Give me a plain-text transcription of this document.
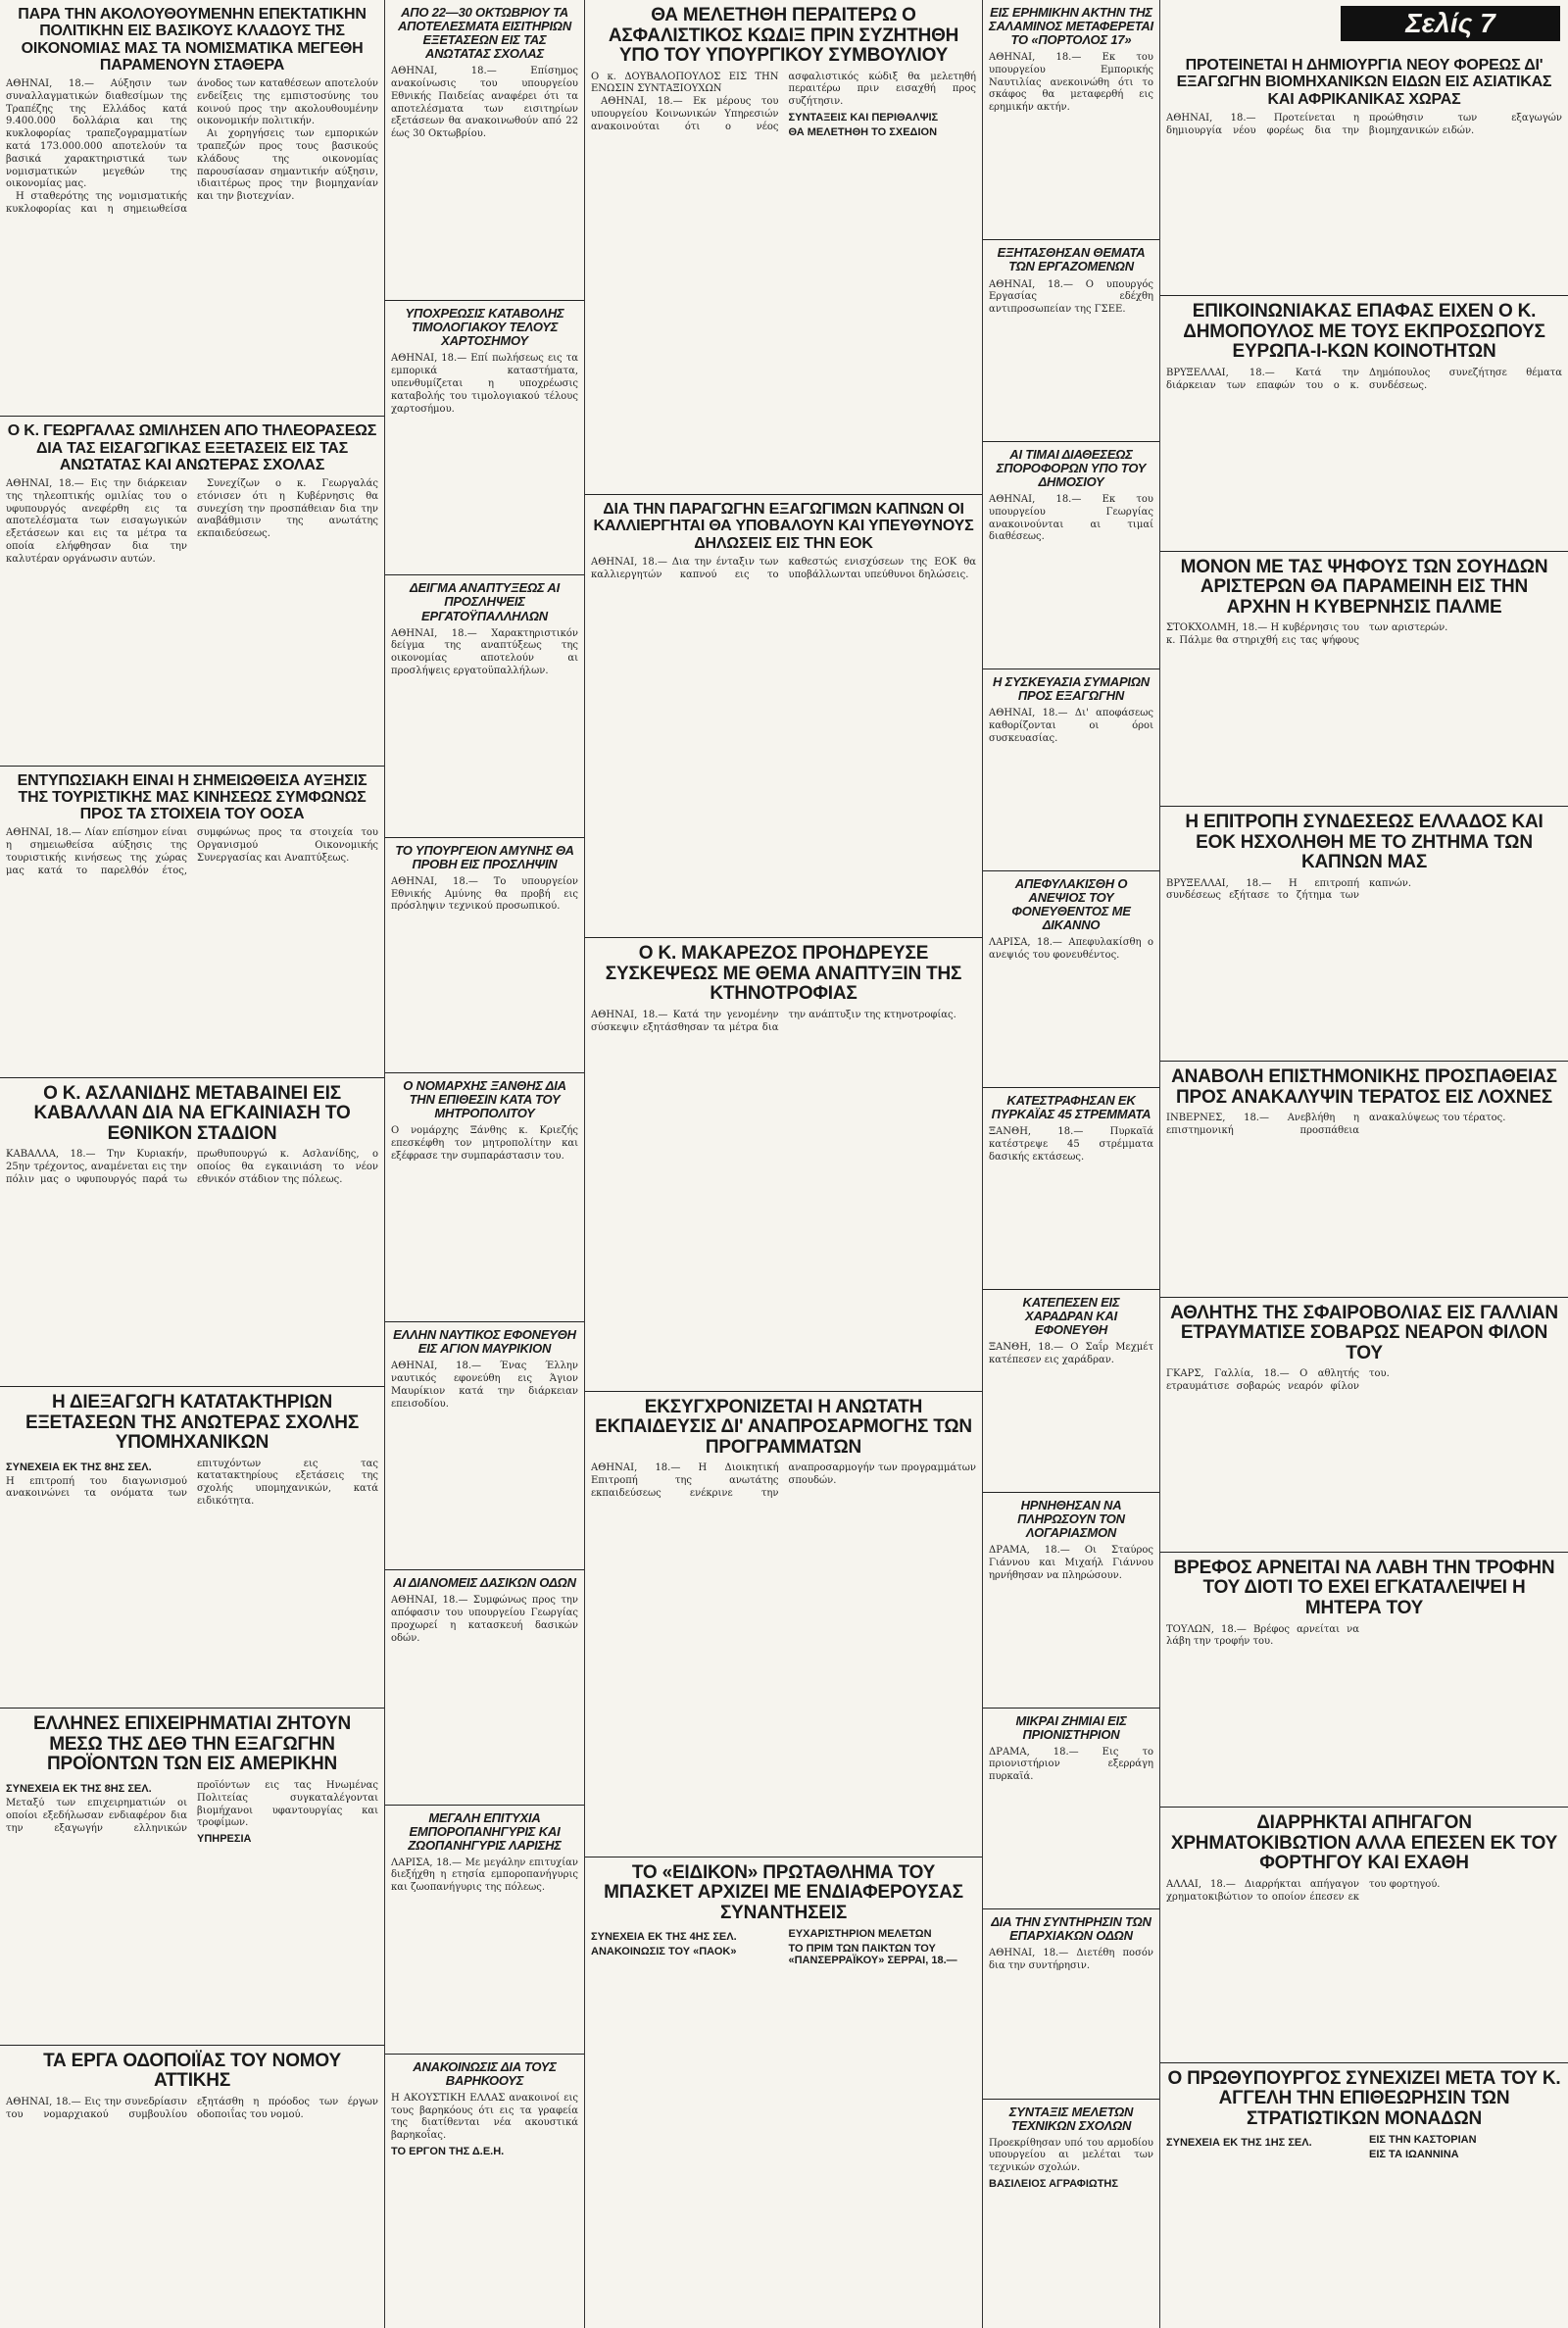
Σελίς 7
ΠΑΡΑ ΤΗΝ ΑΚΟΛΟΥΘΟΥΜΕΝΗΝ ΕΠΕΚΤΑΤΙΚΗΝ ΠΟΛΙΤΙΚΗΝ ΕΙΣ ΒΑΣΙΚΟΥΣ ΚΛΑΔΟΥΣ ΤΗΣ ΟΙΚΟΝΟΜΙΑΣ ΜΑΣ ΤΑ ΝΟΜΙΣΜΑΤΙΚΑ ΜΕΓΕΘΗ ΠΑΡΑΜΕΝΟΥΝ ΣΤΑΘΕΡΑ

ΑΘΗΝΑΙ, 18.— Αύξησιν των συναλλαγματικών διαθεσίμων της Τραπέζης της Ελλάδος κατά 9.400.000 δολλάρια και της κυκλοφορίας τραπεζογραμματίων κατά 173.000.000 αποτελούν τα βασικά χαρακτηριστικά των νομισματικών μεγεθών της οικονομίας μας.

Η σταθερότης της νομισματικής κυκλοφορίας και η σημειωθείσα άνοδος των καταθέσεων αποτελούν ενδείξεις της εμπιστοσύνης του κοινού προς την ακολουθουμένην οικονομικήν πολιτικήν.

Αι χορηγήσεις των εμπορικών τραπεζών προς τους βασικούς κλάδους της οικονομίας παρουσίασαν σημαντικήν αύξησιν, ιδιαιτέρως προς την βιομηχανίαν και την βιοτεχνίαν.

Ο Κ. ΓΕΩΡΓΑΛΑΣ ΩΜΙΛΗΣΕΝ ΑΠΟ ΤΗΛΕΟΡΑΣΕΩΣ ΔΙΑ ΤΑΣ ΕΙΣΑΓΩΓΙΚΑΣ ΕΞΕΤΑΣΕΙΣ ΕΙΣ ΤΑΣ ΑΝΩΤΑΤΑΣ ΚΑΙ ΑΝΩΤΕΡΑΣ ΣΧΟΛΑΣ

ΑΘΗΝΑΙ, 18.— Εις την διάρκειαν της τηλεοπτικής ομιλίας του ο υφυπουργός ανεφέρθη εις τα αποτελέσματα των εισαγωγικών εξετάσεων και εις τα μέτρα τα οποία ελήφθησαν δια την καλυτέραν οργάνωσιν αυτών.

Συνεχίζων ο κ. Γεωργαλάς ετόνισεν ότι η Κυβέρνησις θα συνεχίση την προσπάθειαν δια την αναβάθμισιν της ανωτάτης εκπαιδεύσεως.

ΕΝΤΥΠΩΣΙΑΚΗ ΕΙΝΑΙ Η ΣΗΜΕΙΩΘΕΙΣΑ ΑΥΞΗΣΙΣ ΤΗΣ ΤΟΥΡΙΣΤΙΚΗΣ ΜΑΣ ΚΙΝΗΣΕΩΣ ΣΥΜΦΩΝΩΣ ΠΡΟΣ ΤΑ ΣΤΟΙΧΕΙΑ ΤΟΥ ΟΟΣΑ

ΑΘΗΝΑΙ, 18.— Λίαν επίσημον είναι η σημειωθείσα αύξησις της τουριστικής κινήσεως της χώρας μας κατά το παρελθόν έτος, συμφώνως προς τα στοιχεία του Οργανισμού Οικονομικής Συνεργασίας και Αναπτύξεως.

Ο Κ. ΑΣΛΑΝΙΔΗΣ ΜΕΤΑΒΑΙΝΕΙ ΕΙΣ ΚΑΒΑΛΛΑΝ ΔΙΑ ΝΑ ΕΓΚΑΙΝΙΑΣΗ ΤΟ ΕΘΝΙΚΟΝ ΣΤΑΔΙΟΝ

ΚΑΒΑΛΛΑ, 18.— Την Κυριακήν, 25ην τρέχοντος, αναμένεται εις την πόλιν μας ο υφυπουργός παρά τω πρωθυπουργώ κ. Ασλανίδης, ο οποίος θα εγκαινιάση το νέον εθνικόν στάδιον της πόλεως.

Η ΔΙΕΞΑΓΩΓΗ ΚΑΤΑΤΑΚΤΗΡΙΩΝ ΕΞΕΤΑΣΕΩΝ ΤΗΣ ΑΝΩΤΕΡΑΣ ΣΧΟΛΗΣ ΥΠΟΜΗΧΑΝΙΚΩΝ
ΣΥΝΕΧΕΙΑ ΕΚ ΤΗΣ 8ΗΣ ΣΕΛ.

Η επιτροπή του διαγωνισμού ανακοινώνει τα ονόματα των επιτυχόντων εις τας κατατακτηρίους εξετάσεις της σχολής υπομηχανικών, κατά ειδικότητα.

ΕΛΛΗΝΕΣ ΕΠΙΧΕΙΡΗΜΑΤΙΑΙ ΖΗΤΟΥΝ ΜΕΣΩ ΤΗΣ ΔΕΘ ΤΗΝ ΕΞΑΓΩΓΗΝ ΠΡΟΪΟΝΤΩΝ ΤΩΝ ΕΙΣ ΑΜΕΡΙΚΗΝ
ΣΥΝΕΧΕΙΑ ΕΚ ΤΗΣ 8ΗΣ ΣΕΛ.

Μεταξύ των επιχειρηματιών οι οποίοι εξεδήλωσαν ενδιαφέρον δια την εξαγωγήν ελληνικών προϊόντων εις τας Ηνωμένας Πολιτείας συγκαταλέγονται βιομήχανοι υφαντουργίας και τροφίμων.

ΥΠΗΡΕΣΙΑ
ΤΑ ΕΡΓΑ ΟΔΟΠΟΙΪΑΣ ΤΟΥ ΝΟΜΟΥ ΑΤΤΙΚΗΣ

ΑΘΗΝΑΙ, 18.— Εις την συνεδρίασιν του νομαρχιακού συμβουλίου εξητάσθη η πρόοδος των έργων οδοποιΐας του νομού.

ΑΠΟ 22—30 ΟΚΤΩΒΡΙΟΥ ΤΑ ΑΠΟΤΕΛΕΣΜΑΤΑ ΕΙΣΙΤΗΡΙΩΝ ΕΞΕΤΑΣΕΩΝ ΕΙΣ ΤΑΣ ΑΝΩΤΑΤΑΣ ΣΧΟΛΑΣ

ΑΘΗΝΑΙ, 18.— Επίσημος ανακοίνωσις του υπουργείου Εθνικής Παιδείας αναφέρει ότι τα αποτελέσματα των εισιτηρίων εξετάσεων θα ανακοινωθούν από 22 έως 30 Οκτωβρίου.

ΥΠΟΧΡΕΩΣΙΣ ΚΑΤΑΒΟΛΗΣ ΤΙΜΟΛΟΓΙΑΚΟΥ ΤΕΛΟΥΣ ΧΑΡΤΟΣΗΜΟΥ

ΑΘΗΝΑΙ, 18.— Επί πωλήσεως εις τα εμπορικά καταστήματα, υπενθυμίζεται η υποχρέωσις καταβολής του τιμολογιακού τέλους χαρτοσήμου.

ΔΕΙΓΜΑ ΑΝΑΠΤΥΞΕΩΣ ΑΙ ΠΡΟΣΛΗΨΕΙΣ ΕΡΓΑΤΟΫΠΑΛΛΗΛΩΝ

ΑΘΗΝΑΙ, 18.— Χαρακτηριστικόν δείγμα της αναπτύξεως της οικονομίας αποτελούν αι προσλήψεις εργατοϋπαλλήλων.

ΤΟ ΥΠΟΥΡΓΕΙΟΝ ΑΜΥΝΗΣ ΘΑ ΠΡΟΒΗ ΕΙΣ ΠΡΟΣΛΗΨΙΝ

ΑΘΗΝΑΙ, 18.— Το υπουργείον Εθνικής Αμύνης θα προβή εις πρόσληψιν τεχνικού προσωπικού.

Ο ΝΟΜΑΡΧΗΣ ΞΑΝΘΗΣ ΔΙΑ ΤΗΝ ΕΠΙΘΕΣΙΝ ΚΑΤΑ ΤΟΥ ΜΗΤΡΟΠΟΛΙΤΟΥ

Ο νομάρχης Ξάνθης κ. Κριεζής επεσκέφθη τον μητροπολίτην και εξέφρασε την συμπαράστασιν του.

ΕΛΛΗΝ ΝΑΥΤΙΚΟΣ ΕΦΟΝΕΥΘΗ ΕΙΣ ΑΓΙΟΝ ΜΑΥΡΙΚΙΟΝ

ΑΘΗΝΑΙ, 18.— Ένας Έλλην ναυτικός εφονεύθη εις Άγιον Μαυρίκιον κατά την διάρκειαν επεισοδίου.

ΑΙ ΔΙΑΝΟΜΕΙΣ ΔΑΣΙΚΩΝ ΟΔΩΝ

ΑΘΗΝΑΙ, 18.— Συμφώνως προς την απόφασιν του υπουργείου Γεωργίας προχωρεί η κατασκευή δασικών οδών.

ΜΕΓΑΛΗ ΕΠΙΤΥΧΙΑ ΕΜΠΟΡΟΠΑΝΗΓΥΡΙΣ ΚΑΙ ΖΩΟΠΑΝΗΓΥΡΙΣ ΛΑΡΙΣΗΣ

ΛΑΡΙΣΑ, 18.— Με μεγάλην επιτυχίαν διεξήχθη η ετησία εμποροπανήγυρις και ζωοπανήγυρις της πόλεως.

ΑΝΑΚΟΙΝΩΣΙΣ ΔΙΑ ΤΟΥΣ ΒΑΡΗΚΟΟΥΣ

Η ΑΚΟΥΣΤΙΚΗ ΕΛΛΑΣ ανακοινοί εις τους βαρηκόους ότι εις τα γραφεία της διατίθενται νέα ακουστικά βαρηκοΐας.

ΤΟ ΕΡΓΟΝ ΤΗΣ Δ.Ε.Η.
ΘΑ ΜΕΛΕΤΗΘΗ ΠΕΡΑΙΤΕΡΩ Ο ΑΣΦΑΛΙΣΤΙΚΟΣ ΚΩΔΙΞ ΠΡΙΝ ΣΥΖΗΤΗΘΗ ΥΠΟ ΤΟΥ ΥΠΟΥΡΓΙΚΟΥ ΣΥΜΒΟΥΛΙΟΥ

Ο κ. ΔΟΥΒΑΛΟΠΟΥΛΟΣ ΕΙΣ ΤΗΝ ΕΝΩΣΙΝ ΣΥΝΤΑΞΙΟΥΧΩΝ

ΑΘΗΝΑΙ, 18.— Εκ μέρους του υπουργείου Κοινωνικών Υπηρεσιών ανακοινούται ότι ο νέος ασφαλιστικός κώδιξ θα μελετηθή περαιτέρω πριν εισαχθή προς συζήτησιν.

ΣΥΝΤΑΞΕΙΣ ΚΑΙ ΠΕΡΙΘΑΛΨΙΣ
ΘΑ ΜΕΛΕΤΗΘΗ ΤΟ ΣΧΕΔΙΟΝ
ΔΙΑ ΤΗΝ ΠΑΡΑΓΩΓΗΝ ΕΞΑΓΩΓΙΜΩΝ ΚΑΠΝΩΝ ΟΙ ΚΑΛΛΙΕΡΓΗΤΑΙ ΘΑ ΥΠΟΒΑΛΟΥΝ ΚΑΙ ΥΠΕΥΘΥΝΟΥΣ ΔΗΛΩΣΕΙΣ ΕΙΣ ΤΗΝ ΕΟΚ

ΑΘΗΝΑΙ, 18.— Δια την ένταξιν των καλλιεργητών καπνού εις το καθεστώς ενισχύσεων της ΕΟΚ θα υποβάλλωνται υπεύθυνοι δηλώσεις.

Ο Κ. ΜΑΚΑΡΕΖΟΣ ΠΡΟΗΔΡΕΥΣΕ ΣΥΣΚΕΨΕΩΣ ΜΕ ΘΕΜΑ ΑΝΑΠΤΥΞΙΝ ΤΗΣ ΚΤΗΝΟΤΡΟΦΙΑΣ

ΑΘΗΝΑΙ, 18.— Κατά την γενομένην σύσκεψιν εξητάσθησαν τα μέτρα δια την ανάπτυξιν της κτηνοτροφίας.

ΕΚΣΥΓΧΡΟΝΙΖΕΤΑΙ Η ΑΝΩΤΑΤΗ ΕΚΠΑΙΔΕΥΣΙΣ ΔΙ' ΑΝΑΠΡΟΣΑΡΜΟΓΗΣ ΤΩΝ ΠΡΟΓΡΑΜΜΑΤΩΝ

ΑΘΗΝΑΙ, 18.— Η Διοικητική Επιτροπή της ανωτάτης εκπαιδεύσεως ενέκρινε την αναπροσαρμογήν των προγραμμάτων σπουδών.

ΤΟ «ΕΙΔΙΚΟΝ» ΠΡΩΤΑΘΛΗΜΑ ΤΟΥ ΜΠΑΣΚΕΤ ΑΡΧΙΖΕΙ ΜΕ ΕΝΔΙΑΦΕΡΟΥΣΑΣ ΣΥΝΑΝΤΗΣΕΙΣ
ΣΥΝΕΧΕΙΑ ΕΚ ΤΗΣ 4ΗΣ ΣΕΛ.
ΑΝΑΚΟΙΝΩΣΙΣ ΤΟΥ «ΠΑΟΚ»
ΕΥΧΑΡΙΣΤΗΡΙΟΝ ΜΕΛΕΤΩΝ
ΤΟ ΠΡΙΜ ΤΩΝ ΠΑΙΚΤΩΝ ΤΟΥ «ΠΑΝΣΕΡΡΑΪΚΟΥ» ΣΕΡΡΑΙ, 18.—
ΕΙΣ ΕΡΗΜΙΚΗΝ ΑΚΤΗΝ ΤΗΣ ΣΑΛΑΜΙΝΟΣ ΜΕΤΑΦΕΡΕΤΑΙ ΤΟ «ΠΟΡΤΟΛΟΣ 17»

ΑΘΗΝΑΙ, 18.— Εκ του υπουργείου Εμπορικής Ναυτιλίας ανεκοινώθη ότι το σκάφος θα μεταφερθή εις ερημικήν ακτήν.

ΕΞΗΤΑΣΘΗΣΑΝ ΘΕΜΑΤΑ ΤΩΝ ΕΡΓΑΖΟΜΕΝΩΝ

ΑΘΗΝΑΙ, 18.— Ο υπουργός Εργασίας εδέχθη αντιπροσωπείαν της ΓΣΕΕ.

ΑΙ ΤΙΜΑΙ ΔΙΑΘΕΣΕΩΣ ΣΠΟΡΟΦΟΡΩΝ ΥΠΟ ΤΟΥ ΔΗΜΟΣΙΟΥ

ΑΘΗΝΑΙ, 18.— Εκ του υπουργείου Γεωργίας ανακοινούνται αι τιμαί διαθέσεως.

Η ΣΥΣΚΕΥΑΣΙΑ ΣΥΜΑΡΙΩΝ ΠΡΟΣ ΕΞΑΓΩΓΗΝ

ΑΘΗΝΑΙ, 18.— Δι' αποφάσεως καθορίζονται οι όροι συσκευασίας.

ΑΠΕΦΥΛΑΚΙΣΘΗ Ο ΑΝΕΨΙΟΣ ΤΟΥ ΦΟΝΕΥΘΕΝΤΟΣ ΜΕ ΔΙΚΑΝΝΟ

ΛΑΡΙΣΑ, 18.— Απεφυλακίσθη ο ανεψιός του φονευθέντος.

ΚΑΤΕΣΤΡΑΦΗΣΑΝ ΕΚ ΠΥΡΚΑΪΑΣ 45 ΣΤΡΕΜΜΑΤΑ

ΞΑΝΘΗ, 18.— Πυρκαϊά κατέστρεψε 45 στρέμματα δασικής εκτάσεως.

ΚΑΤΕΠΕΣΕΝ ΕΙΣ ΧΑΡΑΔΡΑΝ ΚΑΙ ΕΦΟΝΕΥΘΗ

ΞΑΝΘΗ, 18.— Ο Σαΐρ Μεχμέτ κατέπεσεν εις χαράδραν.

ΗΡΝΗΘΗΣΑΝ ΝΑ ΠΛΗΡΩΣΟΥΝ ΤΟΝ ΛΟΓΑΡΙΑΣΜΟΝ

ΔΡΑΜΑ, 18.— Οι Σταύρος Γιάννου και Μιχαήλ Γιάννου ηρνήθησαν να πληρώσουν.

ΜΙΚΡΑΙ ΖΗΜΙΑΙ ΕΙΣ ΠΡΙΟΝΙΣΤΗΡΙΟΝ

ΔΡΑΜΑ, 18.— Εις το πριονιστήριον εξερράγη πυρκαϊά.

ΔΙΑ ΤΗΝ ΣΥΝΤΗΡΗΣΙΝ ΤΩΝ ΕΠΑΡΧΙΑΚΩΝ ΟΔΩΝ

ΑΘΗΝΑΙ, 18.— Διετέθη ποσόν δια την συντήρησιν.

ΣΥΝΤΑΞΙΣ ΜΕΛΕΤΩΝ ΤΕΧΝΙΚΩΝ ΣΧΟΛΩΝ

Προεκρίθησαν υπό του αρμοδίου υπουργείου αι μελέται των τεχνικών σχολών.

ΒΑΣΙΛΕΙΟΣ ΑΓΡΑΦΙΩΤΗΣ
ΠΡΟΤΕΙΝΕΤΑΙ Η ΔΗΜΙΟΥΡΓΙΑ ΝΕΟΥ ΦΟΡΕΩΣ ΔΙ' ΕΞΑΓΩΓΗΝ ΒΙΟΜΗΧΑΝΙΚΩΝ ΕΙΔΩΝ ΕΙΣ ΑΣΙΑΤΙΚΑΣ ΚΑΙ ΑΦΡΙΚΑΝΙΚΑΣ ΧΩΡΑΣ

ΑΘΗΝΑΙ, 18.— Προτείνεται η δημιουργία νέου φορέως δια την προώθησιν των εξαγωγών βιομηχανικών ειδών.

ΕΠΙΚΟΙΝΩΝΙΑΚΑΣ ΕΠΑΦΑΣ ΕΙΧΕΝ Ο Κ. ΔΗΜΟΠΟΥΛΟΣ ΜΕ ΤΟΥΣ ΕΚΠΡΟΣΩΠΟΥΣ ΕΥΡΩΠΑ-Ι-ΚΩΝ ΚΟΙΝΟΤΗΤΩΝ

ΒΡΥΞΕΛΛΑΙ, 18.— Κατά την διάρκειαν των επαφών του ο κ. Δημόπουλος συνεζήτησε θέματα συνδέσεως.

ΜΟΝΟΝ ΜΕ ΤΑΣ ΨΗΦΟΥΣ ΤΩΝ ΣΟΥΗΔΩΝ ΑΡΙΣΤΕΡΩΝ ΘΑ ΠΑΡΑΜΕΙΝΗ ΕΙΣ ΤΗΝ ΑΡΧΗΝ Η ΚΥΒΕΡΝΗΣΙΣ ΠΑΛΜΕ

ΣΤΟΚΧΟΛΜΗ, 18.— Η κυβέρνησις του κ. Πάλμε θα στηριχθή εις τας ψήφους των αριστερών.

Η ΕΠΙΤΡΟΠΗ ΣΥΝΔΕΣΕΩΣ ΕΛΛΑΔΟΣ ΚΑΙ ΕΟΚ ΗΣΧΟΛΗΘΗ ΜΕ ΤΟ ΖΗΤΗΜΑ ΤΩΝ ΚΑΠΝΩΝ ΜΑΣ

ΒΡΥΞΕΛΛΑΙ, 18.— Η επιτροπή συνδέσεως εξήτασε το ζήτημα των καπνών.

ΑΝΑΒΟΛΗ ΕΠΙΣΤΗΜΟΝΙΚΗΣ ΠΡΟΣΠΑΘΕΙΑΣ ΠΡΟΣ ΑΝΑΚΑΛΥΨΙΝ ΤΕΡΑΤΟΣ ΕΙΣ ΛΟΧΝΕΣ

ΙΝΒΕΡΝΕΣ, 18.— Ανεβλήθη η επιστημονική προσπάθεια ανακαλύψεως του τέρατος.

ΑΘΛΗΤΗΣ ΤΗΣ ΣΦΑΙΡΟΒΟΛΙΑΣ ΕΙΣ ΓΑΛΛΙΑΝ ΕΤΡΑΥΜΑΤΙΣΕ ΣΟΒΑΡΩΣ ΝΕΑΡΟΝ ΦΙΛΟΝ ΤΟΥ

ΓΚΑΡΣ, Γαλλία, 18.— Ο αθλητής ετραυμάτισε σοβαρώς νεαρόν φίλον του.

ΒΡΕΦΟΣ ΑΡΝΕΙΤΑΙ ΝΑ ΛΑΒΗ ΤΗΝ ΤΡΟΦΗΝ ΤΟΥ ΔΙΟΤΙ ΤΟ ΕΧΕΙ ΕΓΚΑΤΑΛΕΙΨΕΙ Η ΜΗΤΕΡΑ ΤΟΥ

ΤΟΥΛΩΝ, 18.— Βρέφος αρνείται να λάβη την τροφήν του.

ΔΙΑΡΡΗΚΤΑΙ ΑΠΗΓΑΓΟΝ ΧΡΗΜΑΤΟΚΙΒΩΤΙΟΝ ΑΛΛΑ ΕΠΕΣΕΝ ΕΚ ΤΟΥ ΦΟΡΤΗΓΟΥ ΚΑΙ ΕΧΑΘΗ

ΑΛΛΑΙ, 18.— Διαρρήκται απήγαγον χρηματοκιβώτιον το οποίον έπεσεν εκ του φορτηγού.

Ο ΠΡΩΘΥΠΟΥΡΓΟΣ ΣΥΝΕΧΙΖΕΙ ΜΕΤΑ ΤΟΥ Κ. ΑΓΓΕΛΗ ΤΗΝ ΕΠΙΘΕΩΡΗΣΙΝ ΤΩΝ ΣΤΡΑΤΙΩΤΙΚΩΝ ΜΟΝΑΔΩΝ
ΣΥΝΕΧΕΙΑ ΕΚ ΤΗΣ 1ΗΣ ΣΕΛ.	ΕΙΣ ΤΗΝ ΚΑΣΤΟΡΙΑΝ
ΕΙΣ ΤΑ ΙΩΑΝΝΙΝΑ
